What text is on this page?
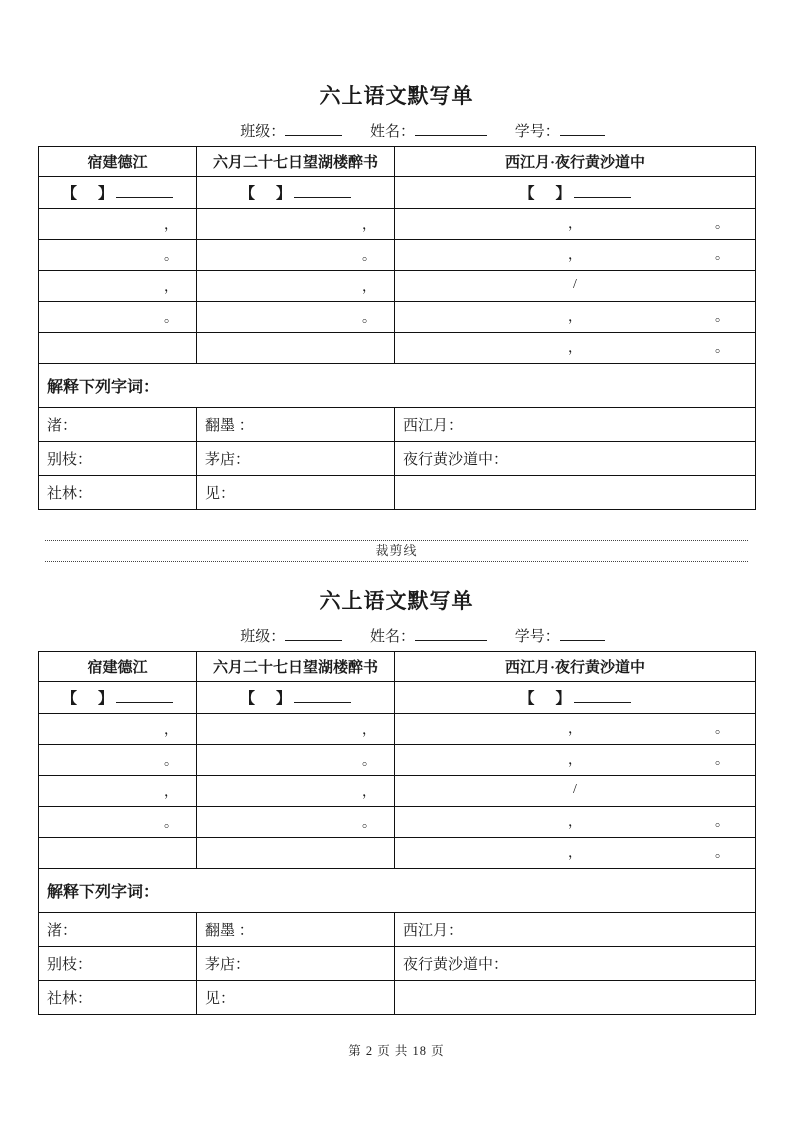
六上语文默写单
班级：	姓名：	学号：
宿建德江	六月二十七日望湖楼醉书	西江月·夜行黄沙道中
【　】	【　】	【　】
，	，	， 。

。	。	， 。

，	，	/

。	。	， 。

		， 。

解释下列字词：		
渚：	翻墨 ：	西江月：
别枝：	茅店：	夜行黄沙道中：
社林：	见：	
裁剪线
六上语文默写单
班级：	姓名：	学号：
宿建德江	六月二十七日望湖楼醉书	西江月·夜行黄沙道中
【　】	【　】	【　】
，	，	， 。

。	。	， 。

，	，	/

。	。	， 。

		， 。

解释下列字词：		
渚：	翻墨 ：	西江月：
别枝：	茅店：	夜行黄沙道中：
社林：	见：	
第 2 页 共 18 页
